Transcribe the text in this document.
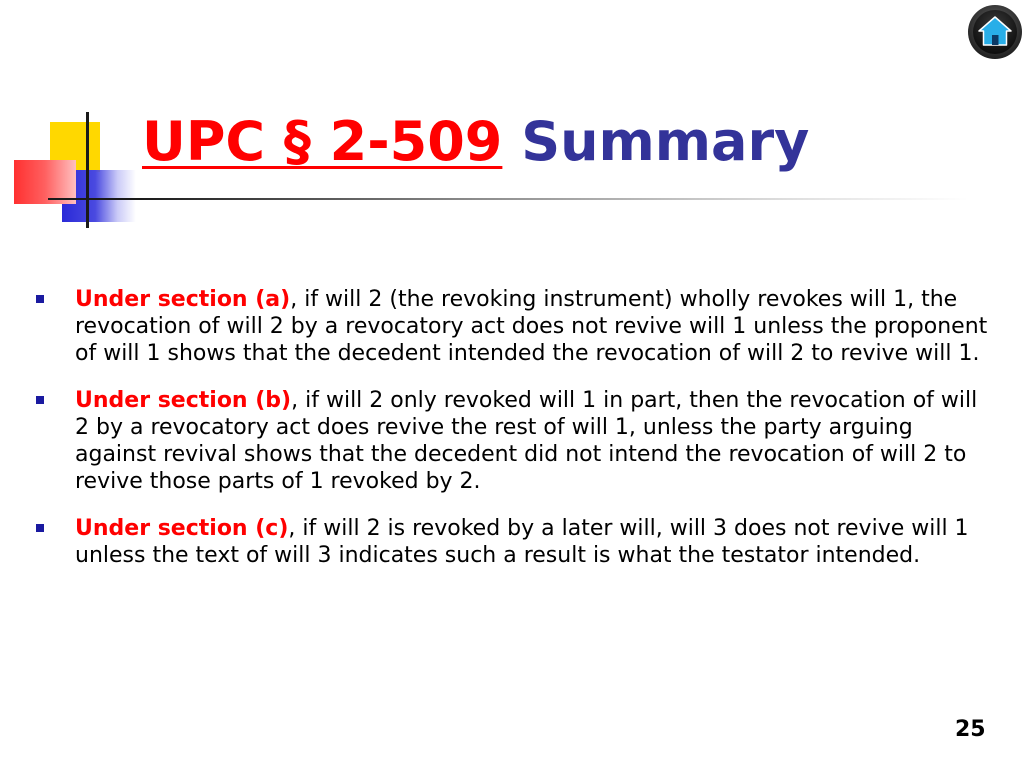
UPC § 2-509 Summary
Under section (a), if will 2 (the revoking instrument) wholly revokes will 1, the revocation of will 2 by a revocatory act does not revive will 1 unless the proponent of will 1 shows that the decedent intended the revocation of will 2 to revive will 1.
Under section (b), if will 2 only revoked will 1 in part, then the revocation of will 2 by a revocatory act does revive the rest of will 1, unless the party arguing against revival shows that the decedent did not intend the revocation of will 2 to revive those parts of 1 revoked by 2.
Under section (c), if will 2 is revoked by a later will, will 3 does not revive will 1 unless the text of will 3 indicates such a result is what the testator intended.
25
